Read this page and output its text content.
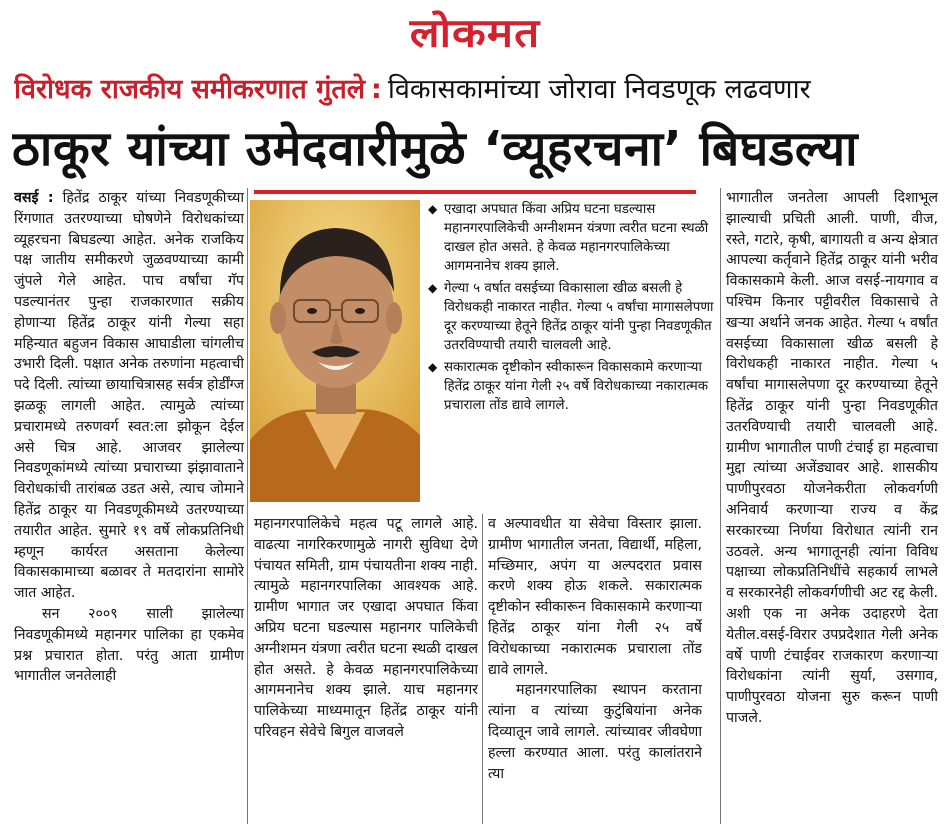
लोकमत
विरोधक राजकीय समीकरणात गुंतले : विकासकामांच्या जोरावा निवडणूक लढवणार
ठाकूर यांच्या उमेदवारीमुळे ‘व्यूहरचना’ बिघडल्या

वसई : हितेंद्र ठाकूर यांच्या निवडणूकीच्या रिंगणात उतरण्याच्या घोषणेने विरोधकांच्या व्यूहरचना बिघडल्या आहेत. अनेक राजकिय पक्ष जातीय समीकरणे जुळवण्याच्या कामी जुंपले गेले आहेत. पाच वर्षांचा गॅप पडल्यानंतर पुन्हा राजकारणात सक्रीय होणाऱ्या हितेंद्र ठाकूर यांनी गेल्या सहा महिन्यात बहुजन विकास आघाडीला चांगलीच उभारी दिली. पक्षात अनेक तरुणांना महत्वाची पदे दिली. त्यांच्या छायाचित्रासह सर्वत्र होर्डींग्ज झळकू लागली आहेत. त्यामुळे त्यांच्या प्रचारामध्ये तरुणवर्ग स्वत:ला झोकून देईल असे चित्र आहे. आजवर झालेल्या निवडणूकांमध्ये त्यांच्या प्रचाराच्या झंझावाताने विरोधकांची तारांबळ उडत असे, त्याच जोमाने हितेंद्र ठाकूर या निवडणूकीमध्ये उतरण्याच्या तयारीत आहेत. सुमारे १९ वर्षे लोकप्रतिनिधी म्हणून कार्यरत असताना केलेल्या विकासकामाच्या बळावर ते मतदारांना सामोरे जात आहेत.

सन २००९ साली झालेल्या निवडणूकीमध्ये महानगर पालिका हा एकमेव प्रश्न प्रचारात होता. परंतु आता ग्रामीण भागातील जनतेलाही

◆ एखादा अपघात किंवा अप्रिय घटना घडल्यास महानगरपालिकेची अग्नीशमन यंत्रणा त्वरीत घटना स्थळी दाखल होत असते. हे केवळ महानगरपालिकेच्या आगमनानेच शक्य झाले.
◆ गेल्या ५ वर्षात वसईच्या विकासाला खीळ बसली हे विरोधकही नाकारत नाहीत. गेल्या ५ वर्षांचा मागासलेपणा दूर करण्याच्या हेतूने हितेंद्र ठाकूर यांनी पुन्हा निवडणूकीत उतरविण्याची तयारी चालवली आहे.
◆ सकारात्मक दृष्टीकोन स्वीकारून विकासकामे करणाऱ्या हितेंद्र ठाकूर यांना गेली २५ वर्षे विरोधकाच्या नकारात्मक प्रचाराला तोंड द्यावे लागले.

महानगरपालिकेचे महत्व पटू लागले आहे. वाढत्या नागरिकरणामुळे नागरी सुविधा देणे पंचायत समिती, ग्राम पंचायतीना शक्य नाही. त्यामुळे महानगरपालिका आवश्यक आहे. ग्रामीण भागात जर एखादा अपघात किंवा अप्रिय घटना घडल्यास महानगर पालिकेची अग्नीशमन यंत्रणा त्वरीत घटना स्थळी दाखल होत असते. हे केवळ महानगरपालिकेच्या आगमनानेच शक्य झाले. याच महानगर पालिकेच्या माध्यमातून हितेंद्र ठाकूर यांनी परिवहन सेवेचे बिगुल वाजवले

व अल्पावधीत या सेवेचा विस्तार झाला. ग्रामीण भागातील जनता, विद्यार्थी, महिला, मच्छिमार, अपंग या अल्पदरात प्रवास करणे शक्य होऊ शकले. सकारात्मक दृष्टीकोन स्वीकारून विकासकामे करणाऱ्या हितेंद्र ठाकूर यांना गेली २५ वर्षे विरोधकाच्या नकारात्मक प्रचाराला तोंड द्यावे लागले.

महानगरपालिका स्थापन करताना त्यांना व त्यांच्या कुटुंबियांना अनेक दिव्यातून जावे लागले. त्यांच्यावर जीवघेणा हल्ला करण्यात आला. परंतु कालांतराने त्या

भागातील जनतेला आपली दिशाभूल झाल्याची प्रचिती आली. पाणी, वीज, रस्ते, गटारे, कृषी, बागायती व अन्य क्षेत्रात आपल्या कर्तृवाने हितेंद्र ठाकूर यांनी भरीव विकासकामे केली. आज वसई-नायगाव व पश्चिम किनार पट्टीवरील विकासाचे ते खऱ्या अर्थाने जनक आहेत. गेल्या ५ वर्षांत वसईच्या विकासाला खीळ बसली हे विरोधकही नाकारत नाहीत. गेल्या ५ वर्षांचा मागासलेपणा दूर करण्याच्या हेतूने हितेंद्र ठाकूर यांनी पुन्हा निवडणूकीत उतरविण्याची तयारी चालवली आहे. ग्रामीण भागातील पाणी टंचाई हा महत्वाचा मुद्दा त्यांच्या अजेंड्यावर आहे. शासकीय पाणीपुरवठा योजनेकरीता लोकवर्गणी अनिवार्य करणाऱ्या राज्य व केंद्र सरकारच्या निर्णया विरोधात त्यांनी रान उठवले. अन्य भागातूनही त्यांना विविध पक्षाच्या लोकप्रतिनिधींचे सहकार्य लाभले व सरकारनेही लोकवर्गणीची अट रद्द केली. अशी एक ना अनेक उदाहरणे देता येतील.वसई-विरार उपप्रदेशात गेली अनेक वर्षे पाणी टंचाईवर राजकारण करणाऱ्या विरोधकांना त्यांनी सुर्या, उसगाव, पाणीपुरवठा योजना सुरु करून पाणी पाजले.
